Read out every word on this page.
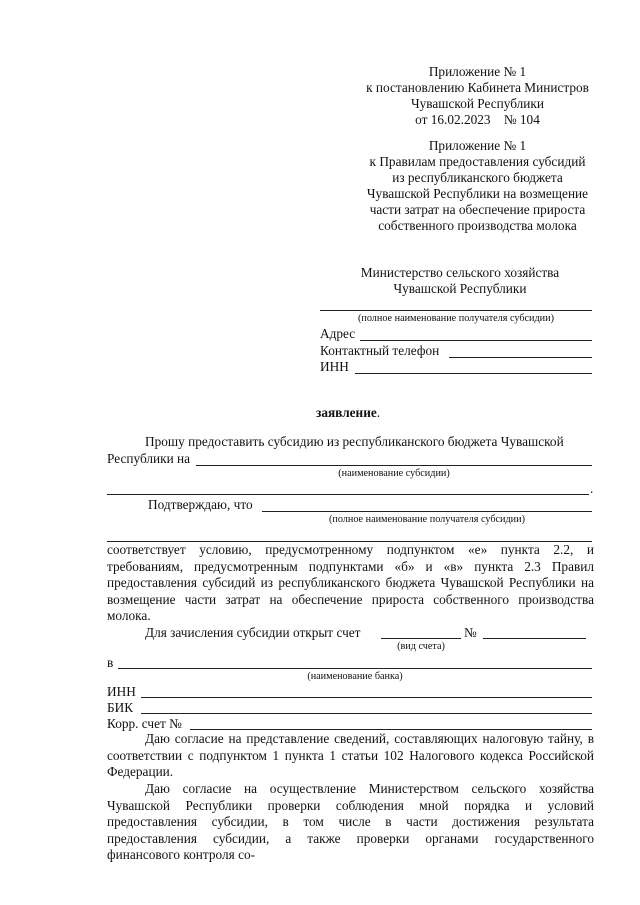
Приложение № 1
к постановлению Кабинета Министров
Чувашской Республики
от 16.02.2023    № 104
Приложение № 1
к Правилам предоставления субсидий
из республиканского бюджета
Чувашской Республики на возмещение
части затрат на обеспечение прироста
собственного производства молока
Министерство сельского хозяйства
Чувашской Республики
(полное наименование получателя субсидии)
Адрес
Контактный телефон
ИНН
заявление.
Прошу предоставить субсидию из республиканского бюджета Чувашской
Республики на
(наименование субсидии)
.
Подтверждаю, что
(полное наименование получателя субсидии)
соответствует условию, предусмотренному подпунктом «е» пункта 2.2, и требованиям, предусмотренным подпунктами «б» и «в» пункта 2.3 Правил предоставления субсидий из республиканского бюджета Чувашской Республики на возмещение части затрат на обеспечение прироста собственного производства молока.
Для зачисления субсидии открыт счет	№
(вид счета)
в
(наименование банка)
ИНН
БИК
Корр. счет №
Даю согласие на представление сведений, составляющих налоговую тайну, в соответствии с подпунктом 1 пункта 1 статьи 102 Налогового кодекса Российской Федерации.
Даю согласие на осуществление Министерством сельского хозяйства Чувашской Республики проверки соблюдения мной порядка и условий предоставления субсидии, в том числе в части достижения результата предоставления субсидии, а также проверки органами государственного финансового контроля со-
